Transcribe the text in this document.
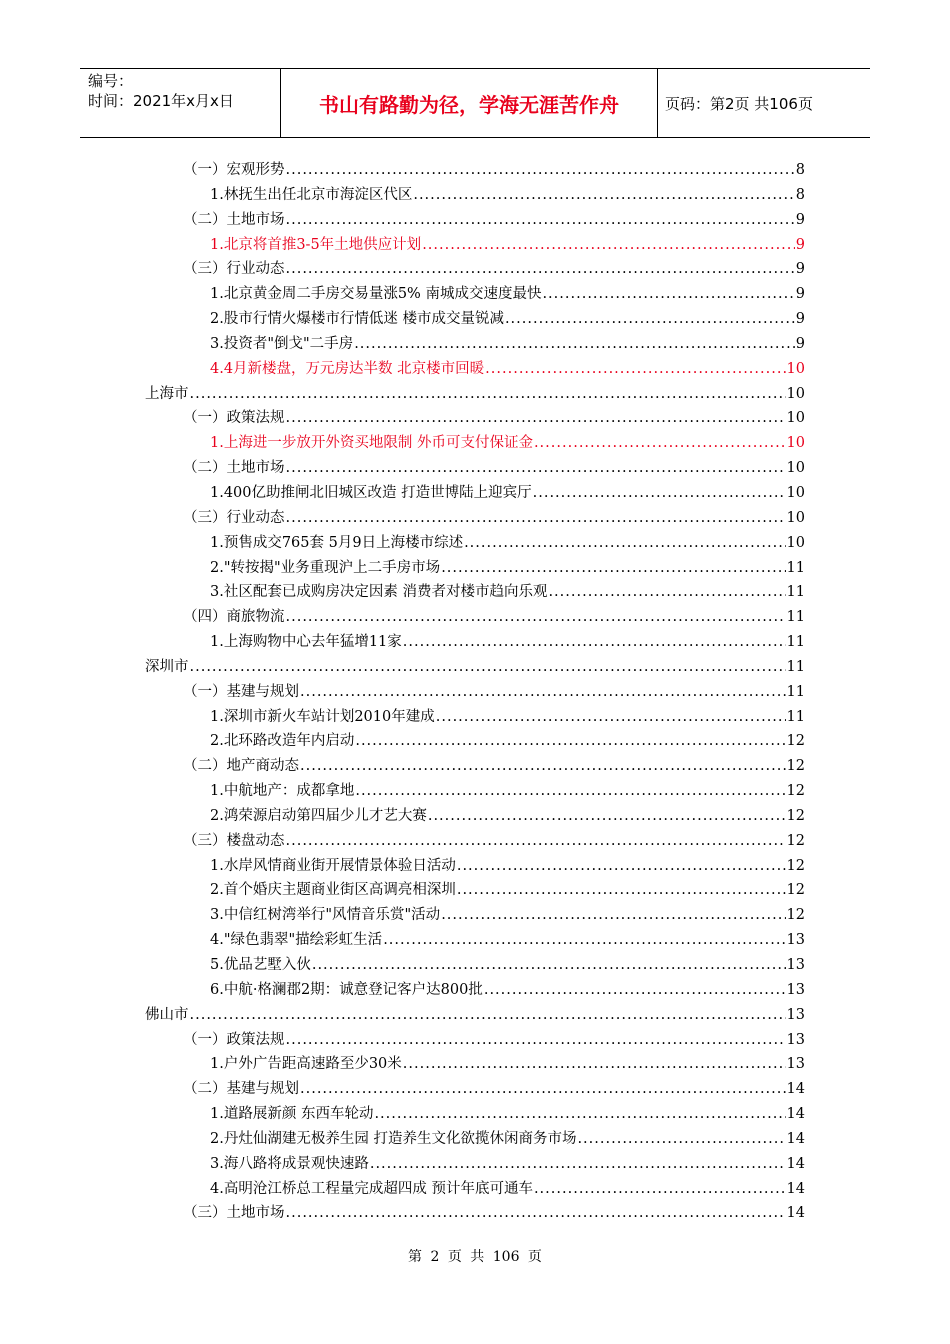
编号：
时间：2021年x月x日	书山有路勤为径，学海无涯苦作舟	页码：第2页 共106页
（一）宏观形势 .....	8
1.林抚生出任北京市海淀区代区 .....	8
（二）土地市场 .....	9
1.北京将首推3-5年土地供应计划 .....	9
（三）行业动态 .....	9
1.北京黄金周二手房交易量涨5% 南城成交速度最快 .....	9
2.股市行情火爆楼市行情低迷 楼市成交量锐减 .....	9
3.投资者"倒戈"二手房 .....	9
4.4月新楼盘，万元房达半数 北京楼市回暖 .....	10
上海市 .....	10
（一）政策法规 .....	10
1.上海进一步放开外资买地限制 外币可支付保证金 .....	10
（二）土地市场 .....	10
1.400亿助推闸北旧城区改造 打造世博陆上迎宾厅 .....	10
（三）行业动态 .....	10
1.预售成交765套 5月9日上海楼市综述 .....	10
2."转按揭"业务重现沪上二手房市场 .....	11
3.社区配套已成购房决定因素 消费者对楼市趋向乐观 .....	11
（四）商旅物流 .....	11
1.上海购物中心去年猛增11家 .....	11
深圳市 .....	11
（一）基建与规划 .....	11
1.深圳市新火车站计划2010年建成 .....	11
2.北环路改造年内启动 .....	12
（二）地产商动态 .....	12
1.中航地产：成都拿地 .....	12
2.鸿荣源启动第四届少儿才艺大赛 .....	12
（三）楼盘动态 .....	12
1.水岸风情商业街开展情景体验日活动 .....	12
2.首个婚庆主题商业街区高调亮相深圳 .....	12
3.中信红树湾举行"风情音乐赏"活动 .....	12
4."绿色翡翠"描绘彩虹生活 .....	13
5.优品艺墅入伙 .....	13
6.中航·格澜郡2期：诚意登记客户达800批 .....	13
佛山市 .....	13
（一）政策法规 .....	13
1.户外广告距高速路至少30米 .....	13
（二）基建与规划 .....	14
1.道路展新颜 东西车轮动 .....	14
2.丹灶仙湖建无极养生园 打造养生文化欲揽休闲商务市场 .....	14
3.海八路将成景观快速路 .....	14
4.高明沧江桥总工程量完成超四成 预计年底可通车 .....	14
（三）土地市场 .....	14
第 2 页 共 106 页
